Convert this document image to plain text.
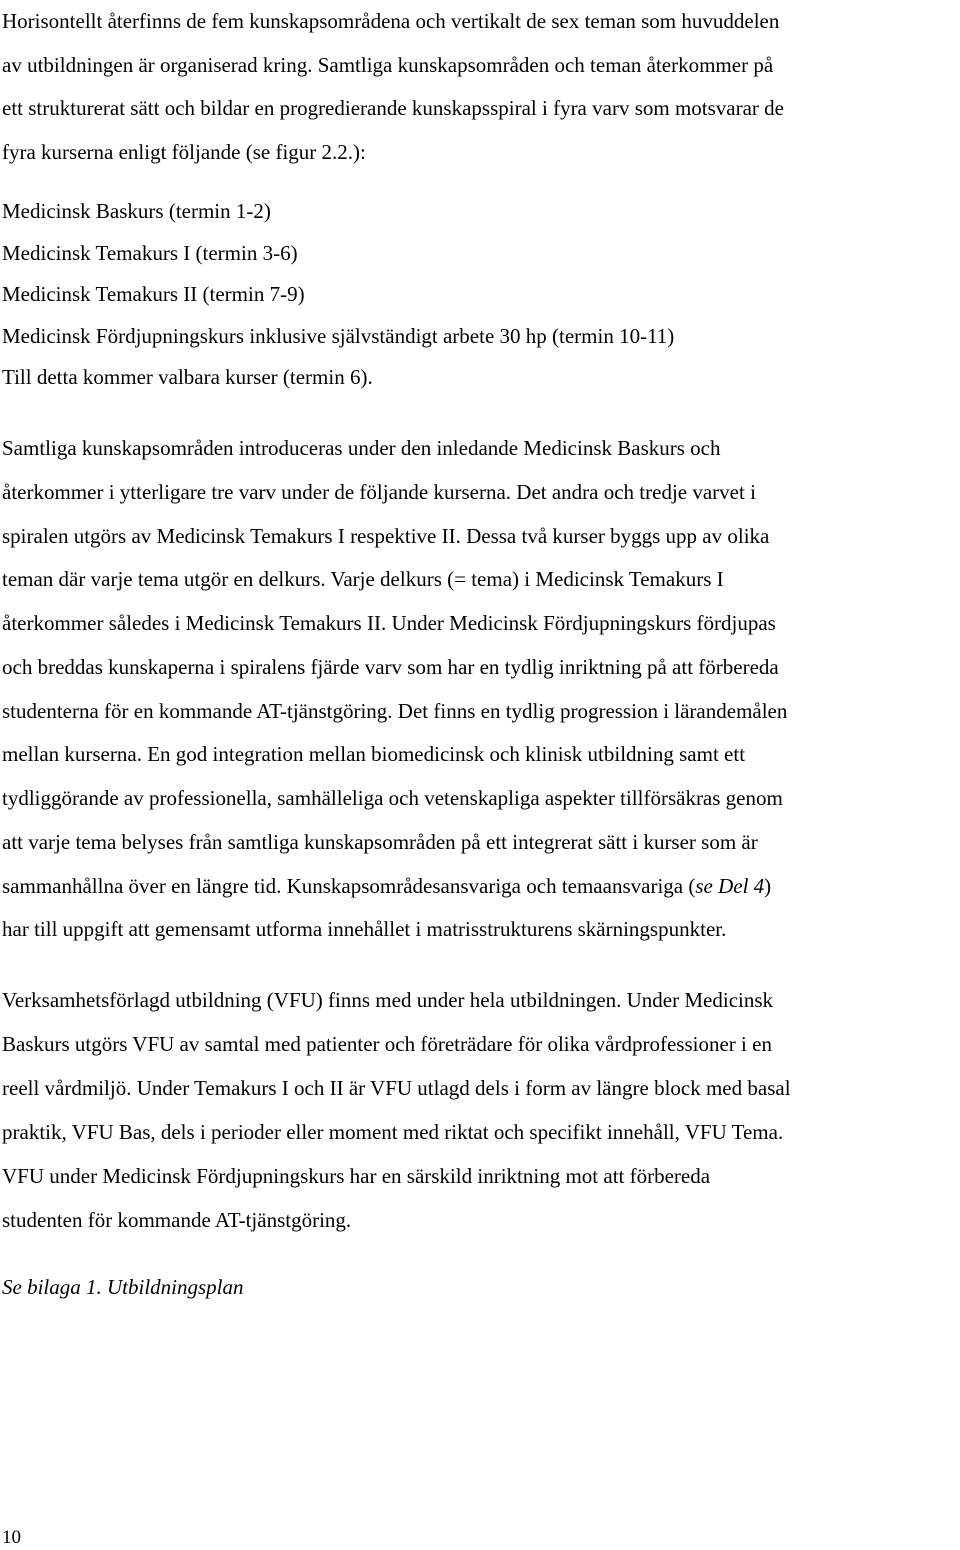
Horisontellt återfinns de fem kunskapsområdena och vertikalt de sex teman som huvuddelen
av utbildningen är organiserad kring. Samtliga kunskapsområden och teman återkommer på
ett strukturerat sätt och bildar en progredierande kunskapsspiral i fyra varv som motsvarar de
fyra kurserna enligt följande (se figur 2.2.):

Medicinsk Baskurs (termin 1-2)
Medicinsk Temakurs I (termin 3-6)
Medicinsk Temakurs II (termin 7-9)
Medicinsk Fördjupningskurs inklusive självständigt arbete 30 hp (termin 10-11)
Till detta kommer valbara kurser (termin 6).

Samtliga kunskapsområden introduceras under den inledande Medicinsk Baskurs och
återkommer i ytterligare tre varv under de följande kurserna. Det andra och tredje varvet i
spiralen utgörs av Medicinsk Temakurs I respektive II. Dessa två kurser byggs upp av olika
teman där varje tema utgör en delkurs. Varje delkurs (= tema) i Medicinsk Temakurs I
återkommer således i Medicinsk Temakurs II. Under Medicinsk Fördjupningskurs fördjupas
och breddas kunskaperna i spiralens fjärde varv som har en tydlig inriktning på att förbereda
studenterna för en kommande AT-tjänstgöring. Det finns en tydlig progression i lärandemålen
mellan kurserna. En god integration mellan biomedicinsk och klinisk utbildning samt ett
tydliggörande av professionella, samhälleliga och vetenskapliga aspekter tillförsäkras genom
att varje tema belyses från samtliga kunskapsområden på ett integrerat sätt i kurser som är
sammanhållna över en längre tid. Kunskapsområdesansvariga och temaansvariga (se Del 4)
har till uppgift att gemensamt utforma innehållet i matrisstrukturens skärningspunkter.

Verksamhetsförlagd utbildning (VFU) finns med under hela utbildningen. Under Medicinsk
Baskurs utgörs VFU av samtal med patienter och företrädare för olika vårdprofessioner i en
reell vårdmiljö. Under Temakurs I och II är VFU utlagd dels i form av längre block med basal
praktik, VFU Bas, dels i perioder eller moment med riktat och specifikt innehåll, VFU Tema.
VFU under Medicinsk Fördjupningskurs har en särskild inriktning mot att förbereda
studenten för kommande AT-tjänstgöring.

Se bilaga 1. Utbildningsplan

10
